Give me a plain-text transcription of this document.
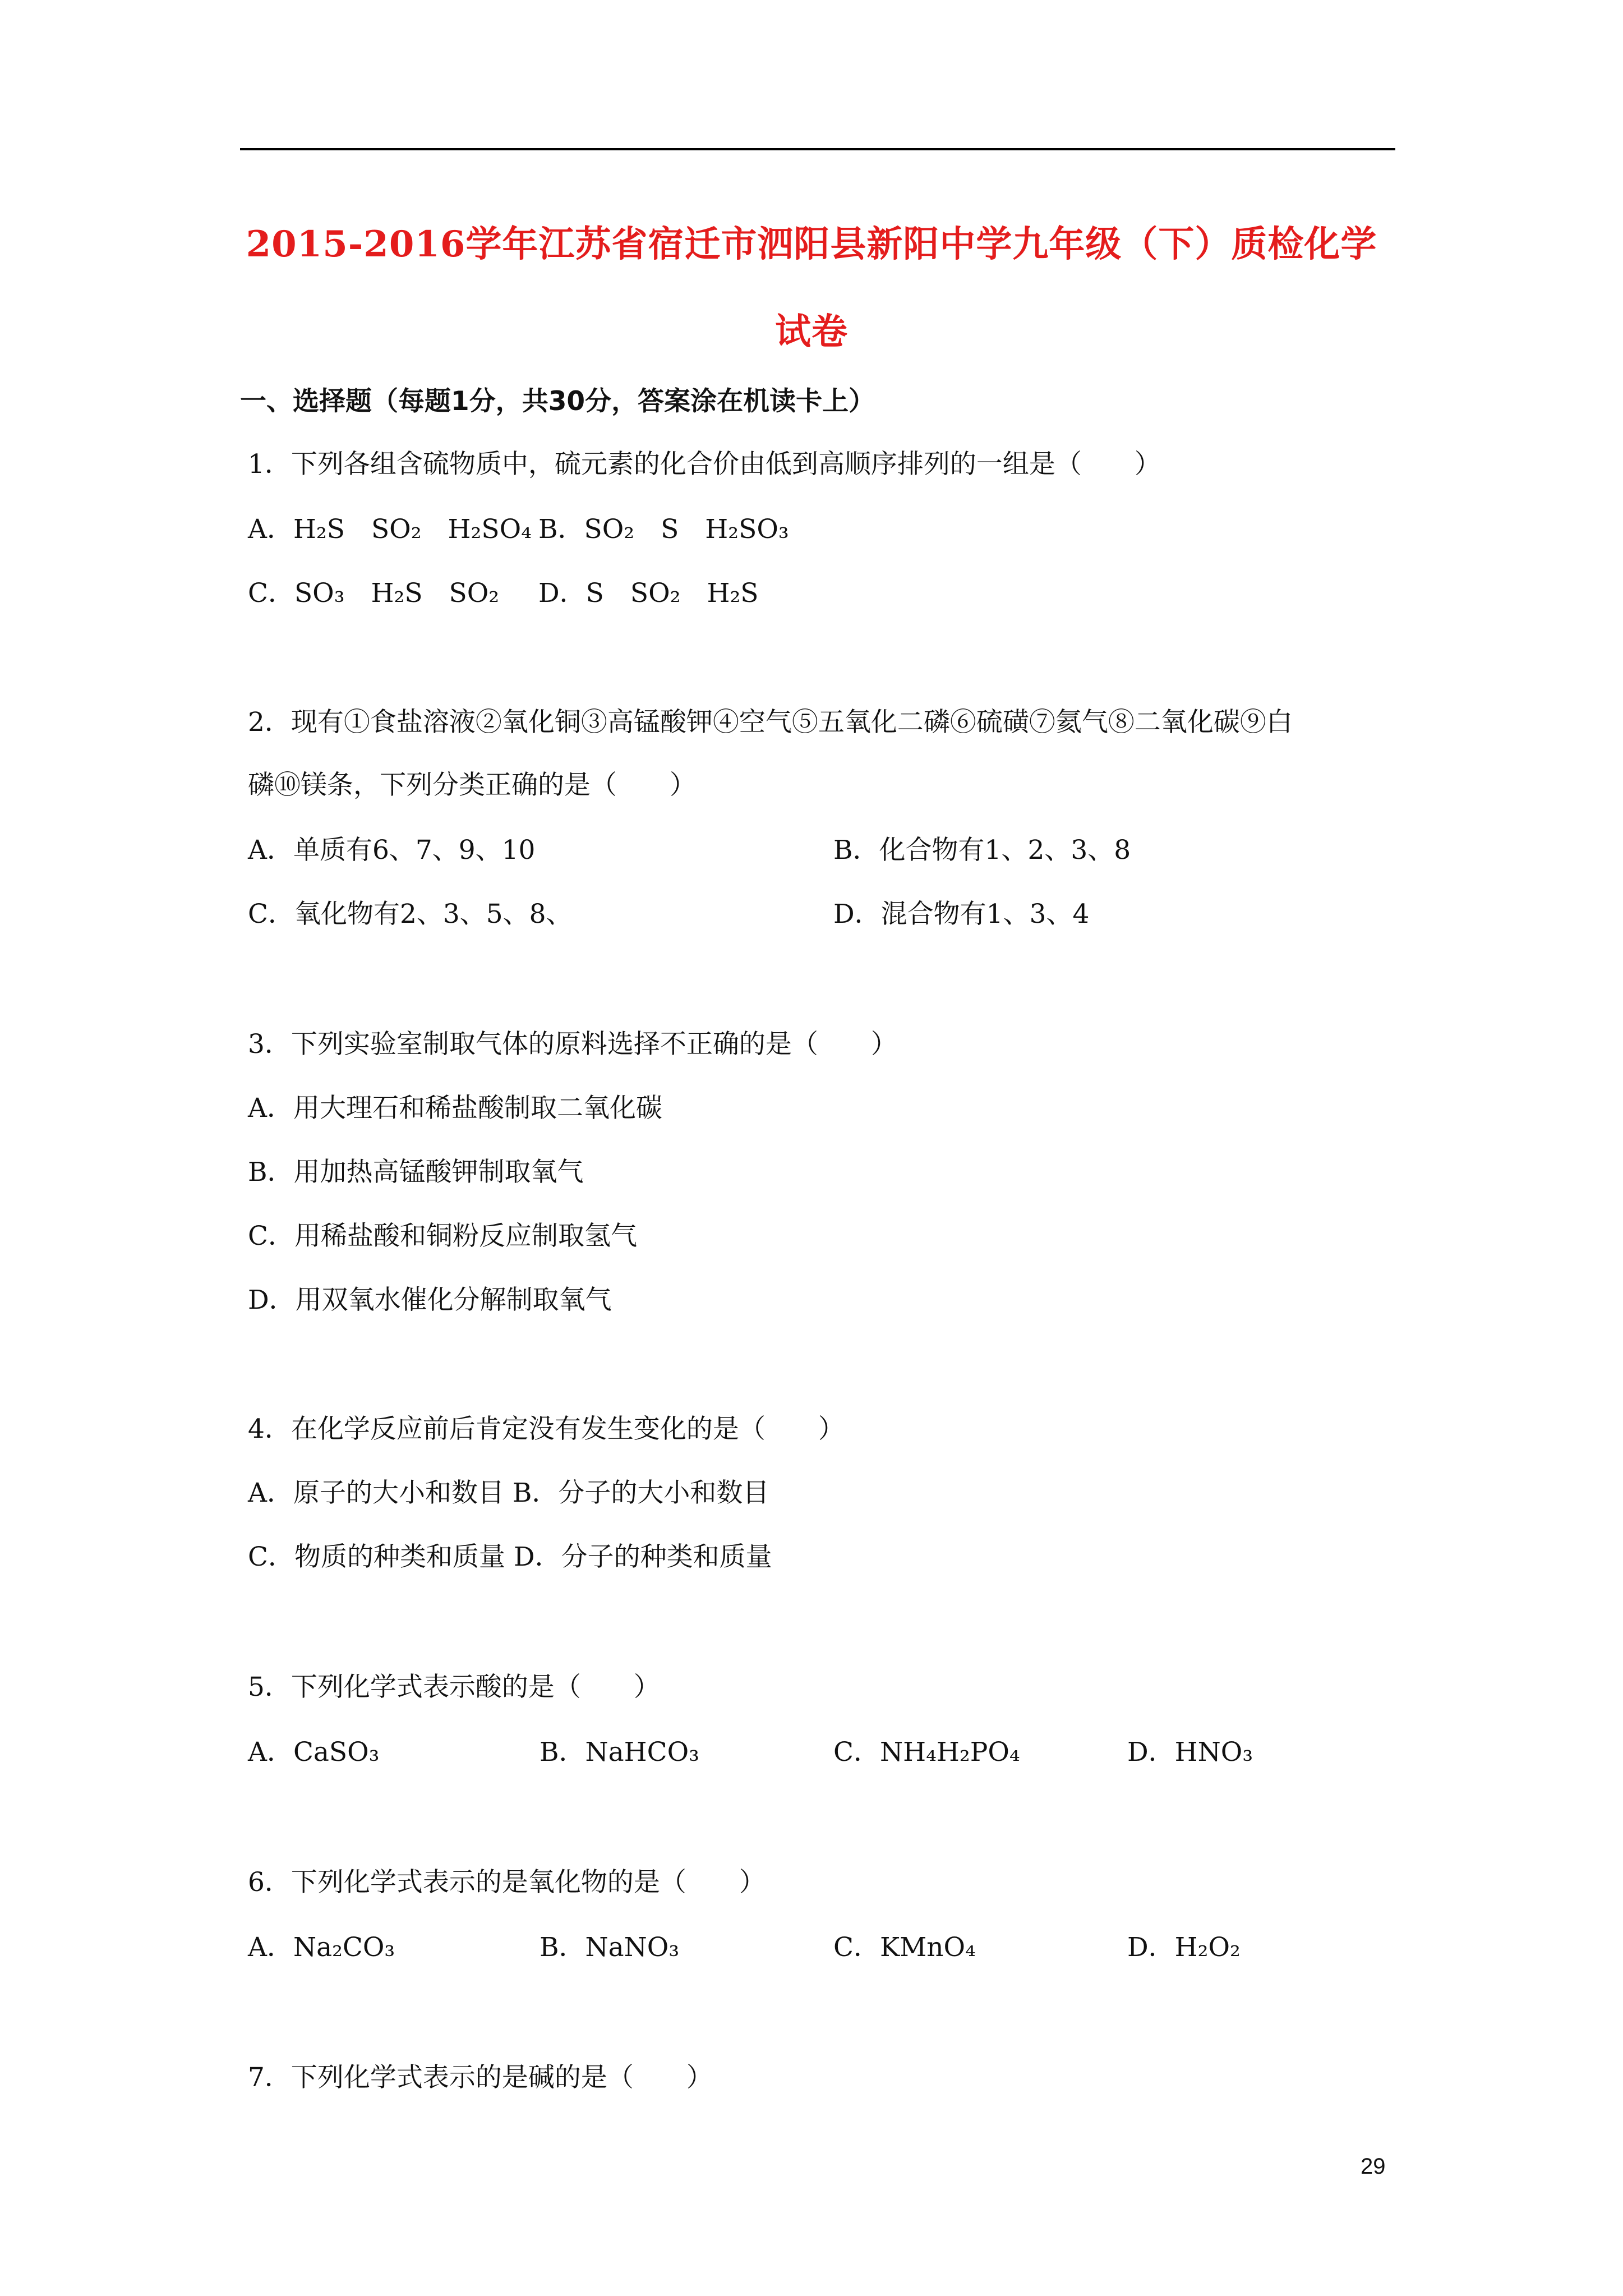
2015-2016学年江苏省宿迁市泗阳县新阳中学九年级（下）质检化学
试卷
一、选择题（每题1分，共30分，答案涂在机读卡上）
1．下列各组含硫物质中，硫元素的化合价由低到高顺序排列的一组是（　　）
A．H₂S　SO₂　H₂SO₄ B．SO₂　S　H₂SO₃
C．SO₃　H₂S　SO₂ D．S　SO₂　H₂S
2．现有①食盐溶液②氧化铜③高锰酸钾④空气⑤五氧化二磷⑥硫磺⑦氦气⑧二氧化碳⑨白
磷⑩镁条，下列分类正确的是（　　）
A．单质有6、7、9、10	B．化合物有1、2、3、8
C．氧化物有2、3、5、8、	D．混合物有1、3、4
3．下列实验室制取气体的原料选择不正确的是（　　）
A．用大理石和稀盐酸制取二氧化碳
B．用加热高锰酸钾制取氧气
C．用稀盐酸和铜粉反应制取氢气
D．用双氧水催化分解制取氧气
4．在化学反应前后肯定没有发生变化的是（　　）
A．原子的大小和数目 B．分子的大小和数目
C．物质的种类和质量 D．分子的种类和质量
5．下列化学式表示酸的是（　　）
A．CaSO₃	B．NaHCO₃	C．NH₄H₂PO₄	D．HNO₃
6．下列化学式表示的是氧化物的是（　　）
A．Na₂CO₃	B．NaNO₃	C．KMnO₄	D．H₂O₂
7．下列化学式表示的是碱的是（　　）
29
